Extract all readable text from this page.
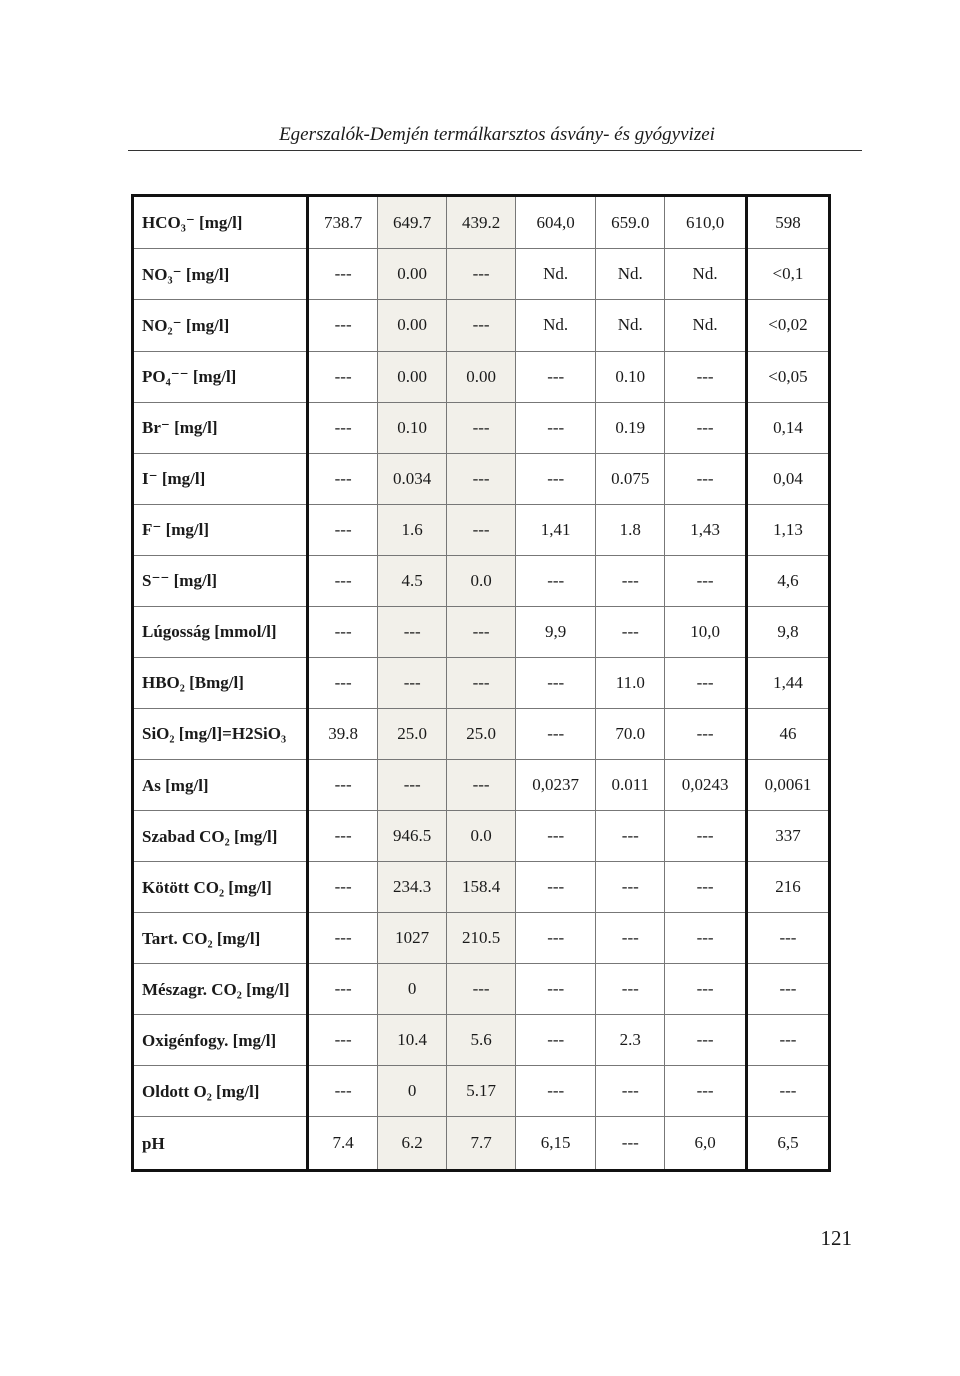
Egerszalók-Demjén termálkarsztos ásvány- és gyógyvizei
HCO₃⁻ [mg/l]	738.7	649.7	439.2	604,0	659.0	610,0	598
NO₃⁻ [mg/l]	---	0.00	---	Nd.	Nd.	Nd.	<0,1
NO₂⁻ [mg/l]	---	0.00	---	Nd.	Nd.	Nd.	<0,02
PO₄⁻⁻ [mg/l]	---	0.00	0.00	---	0.10	---	<0,05
Br⁻ [mg/l]	---	0.10	---	---	0.19	---	0,14
I⁻ [mg/l]	---	0.034	---	---	0.075	---	0,04
F⁻ [mg/l]	---	1.6	---	1,41	1.8	1,43	1,13
S⁻⁻ [mg/l]	---	4.5	0.0	---	---	---	4,6
Lúgosság [mmol/l]	---	---	---	9,9	---	10,0	9,8
HBO₂ [Bmg/l]	---	---	---	---	11.0	---	1,44
SiO₂ [mg/l]=H2SiO₃	39.8	25.0	25.0	---	70.0	---	46
As [mg/l]	---	---	---	0,0237	0.011	0,0243	0,0061
Szabad CO₂ [mg/l]	---	946.5	0.0	---	---	---	337
Kötött CO₂ [mg/l]	---	234.3	158.4	---	---	---	216
Tart. CO₂ [mg/l]	---	1027	210.5	---	---	---	---
Mészagr. CO₂ [mg/l]	---	0	---	---	---	---	---
Oxigénfogy. [mg/l]	---	10.4	5.6	---	2.3	---	---
Oldott O₂ [mg/l]	---	0	5.17	---	---	---	---
pH	7.4	6.2	7.7	6,15	---	6,0	6,5
121
